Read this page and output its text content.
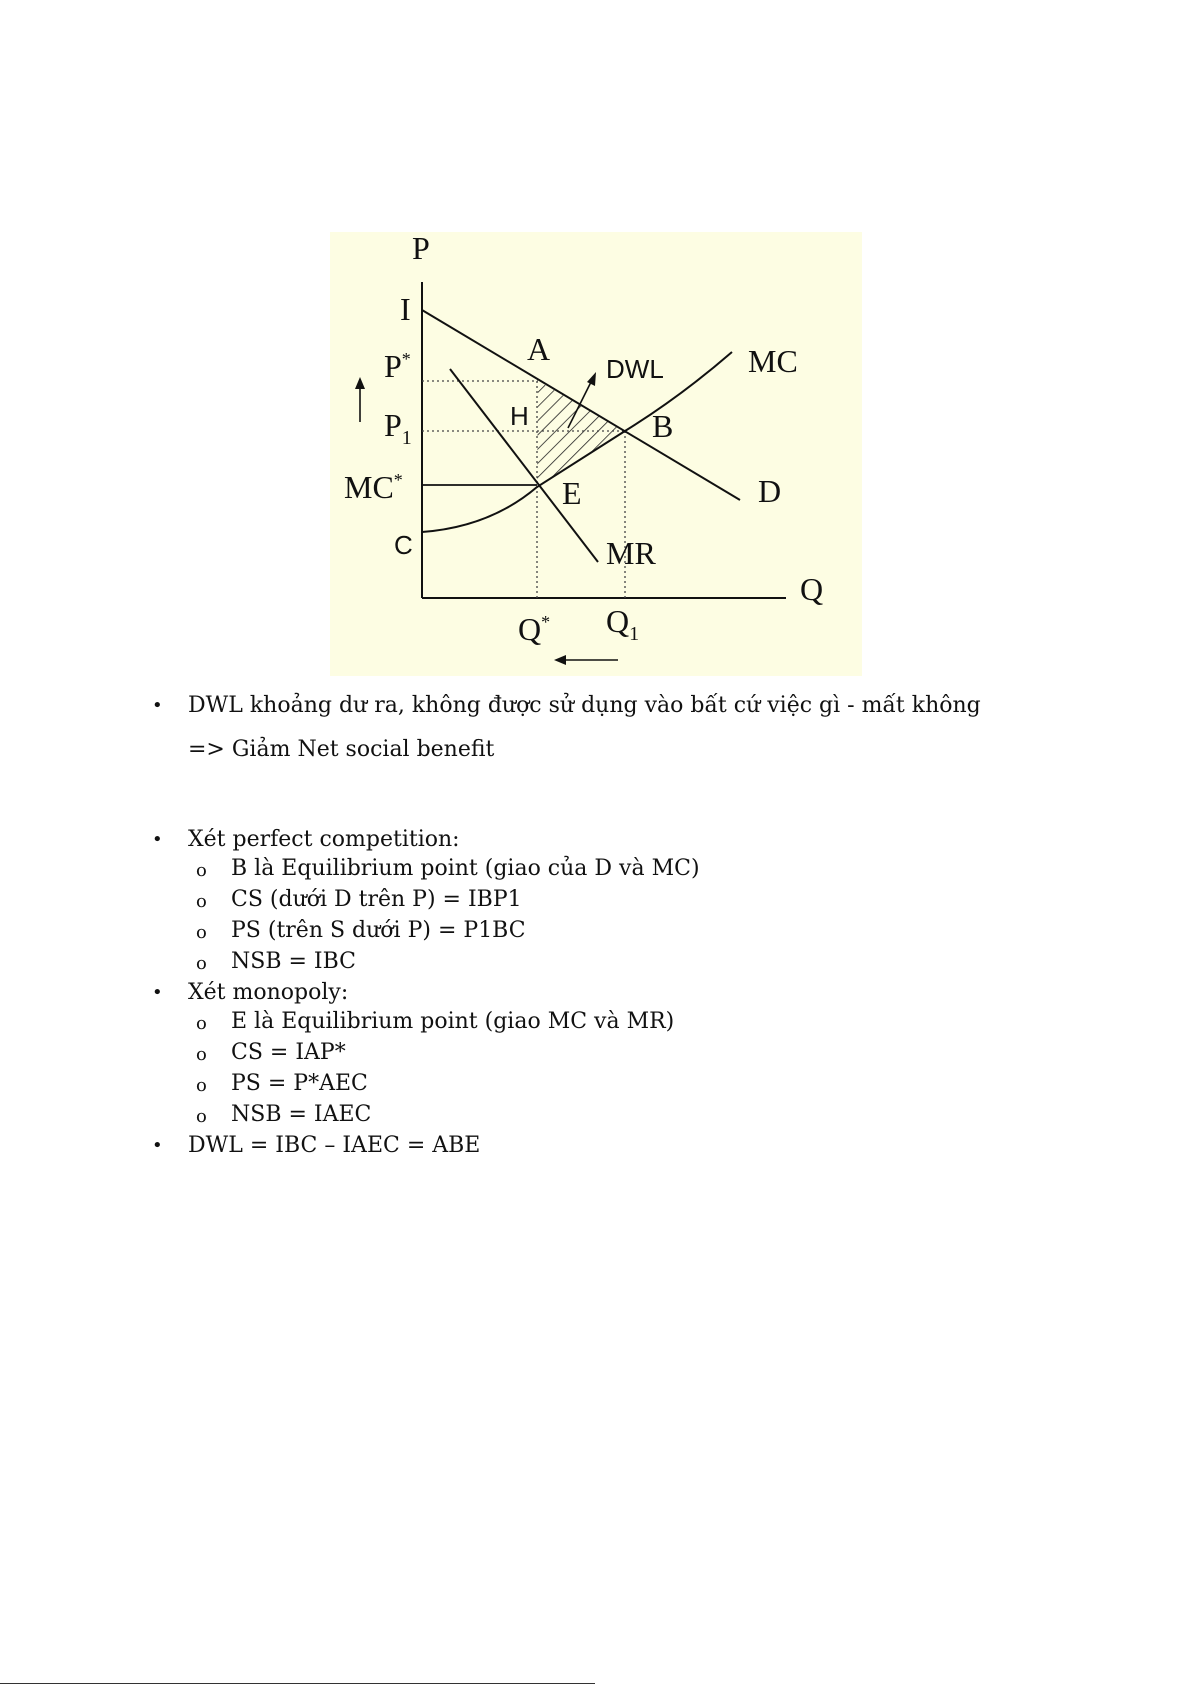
P
Q
I
P*
$P_1$
MC*
C
A
DWL	MC
H	B
E	D
MR
Q* $Q_1$
• DWL khoảng dư ra, không được sử dụng vào bất cứ việc gì - mất không
=> Giảm Net social benefit
• Xét perfect competition:
o B là Equilibrium point (giao của D và MC)
o CS (dưới D trên P) = IBP1
o PS (trên S dưới P) = P1BC
o NSB = IBC
• Xét monopoly:
o E là Equilibrium point (giao MC và MR)
o CS = IAP*
o PS = P*AEC
o NSB = IAEC
• DWL = IBC – IAEC = ABE
